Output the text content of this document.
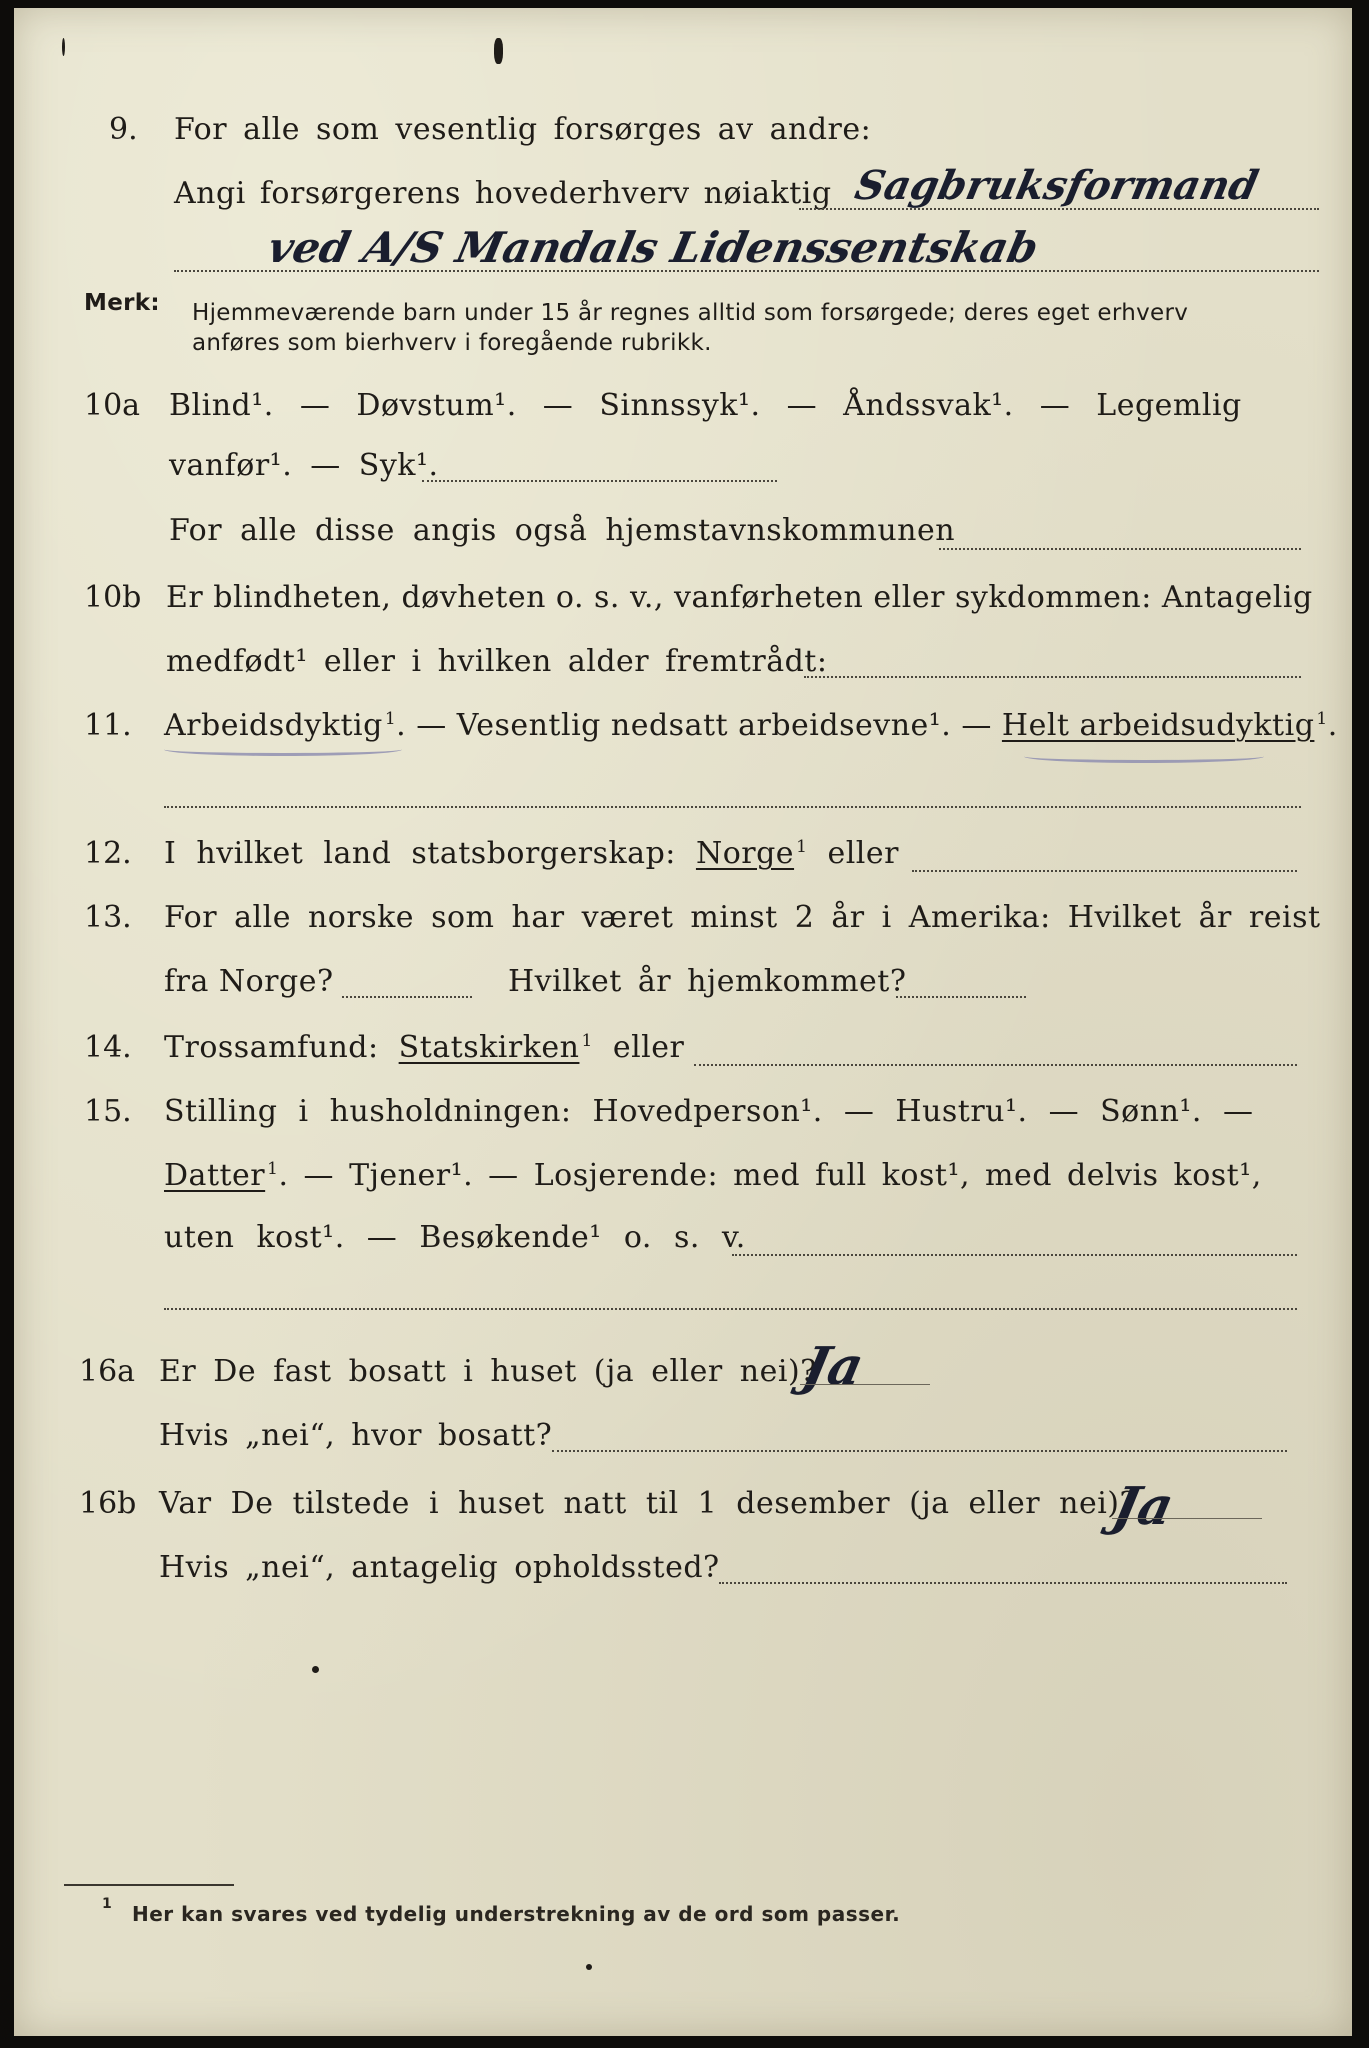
9. For alle som vesentlig forsørges av andre:
Angi forsørgerens hovederhverv nøiaktig Sagbruksformand
ved A/S Mandals Lidenssentskab
Merk: Hjemmeværende barn under 15 år regnes alltid som forsørgede; deres eget erhverv
anføres som bierhverv i foregående rubrikk.
10a Blind¹. — Døvstum¹. — Sinnssyk¹. — Åndssvak¹. — Legemlig
vanfør¹. — Syk¹.
For alle disse angis også hjemstavnskommunen
10b Er blindheten, døvheten o. s. v., vanførheten eller sykdommen: Antagelig
medfødt¹ eller i hvilken alder fremtrådt:
11. Arbeidsdyktig $^1$. — Vesentlig nedsatt arbeidsevne¹. — Helt arbeidsudyktig $^1$.
12. I hvilket land statsborgerskap: Norge $^1$ eller
13. For alle norske som har været minst 2 år i Amerika: Hvilket år reist
fra Norge?	Hvilket år hjemkommet?
14. Trossamfund: Statskirken $^1$ eller
15. Stilling i husholdningen: Hovedperson¹. — Hustru¹. — Sønn¹. —
Datter $^1$. — Tjener¹. — Losjerende: med full kost¹, med delvis kost¹,
uten kost¹. — Besøkende¹ o. s. v.
16a Er De fast bosatt i huset (ja eller nei)?
Ja
Hvis „nei“, hvor bosatt?
16b Var De tilstede i huset natt til 1 desember (ja eller nei)?
Ja
Hvis „nei“, antagelig opholdssted?
1 Her kan svares ved tydelig understrekning av de ord som passer.
